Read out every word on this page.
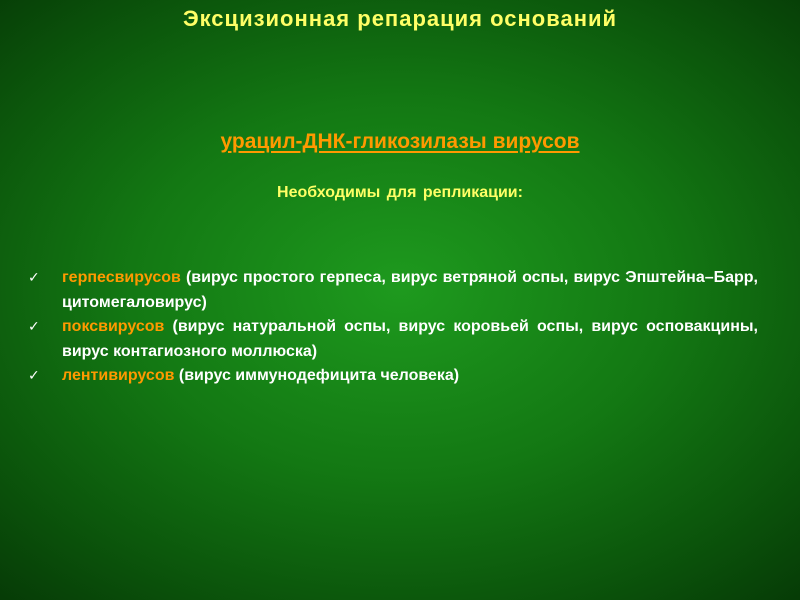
Эксцизионная репарация оснований
урацил-ДНК-гликозилазы вирусов

Необходимы для репликации:

✓ герпесвирусов (вирус простого герпеса, вирус ветряной оспы, вирус Эпштейна–Барр, цитомегаловирус)
✓ поксвирусов (вирус натуральной оспы, вирус коровьей оспы, вирус осповакцины, вирус контагиозного моллюска)
✓ лентивирусов (вирус иммунодефицита человека)
